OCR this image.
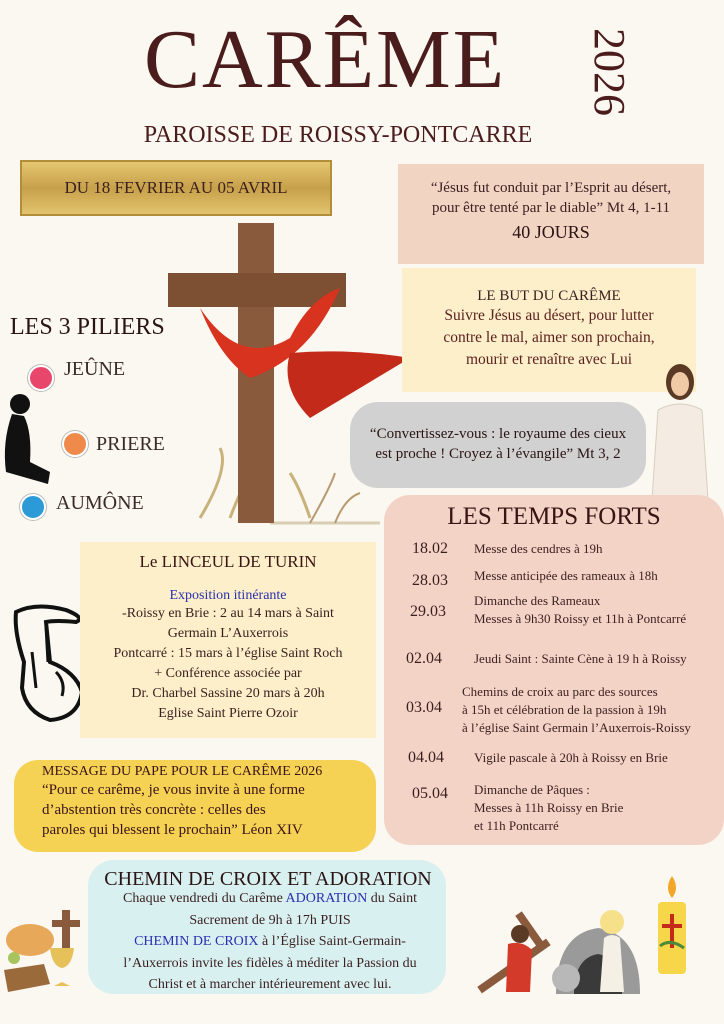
CARÊME	2026
PAROISSE DE ROISSY-PONTCARRE
DU 18 FEVRIER AU 05 AVRIL	“Jésus fut conduit par l’Esprit au désert,
pour être tenté par le diable” Mt 4, 1-11
40 JOURS
LE BUT DU CARÊME
Suivre Jésus au désert, pour lutter
contre le mal, aimer son prochain,
mourir et renaître avec Lui
LES 3 PILIERS
JEÛNE
PRIERE
AUMÔNE
“Convertissez-vous : le royaume des cieux
est proche ! Croyez à l’évangile” Mt 3, 2
LES TEMPS FORTS
18.02 Messe des cendres à 19h
28.03 Messe anticipée des rameaux à 18h
29.03
Dimanche des Rameaux
Messes à 9h30 Roissy et 11h à Pontcarré
02.04 Jeudi Saint : Sainte Cène à 19 h à Roissy
03.04
Chemins de croix au parc des sources
à 15h et célébration de la passion à 19h
à l’église Saint Germain l’Auxerrois-Roissy
04.04 Vigile pascale à 20h à Roissy en Brie
05.04 Dimanche de Pâques :
Messes à 11h Roissy en Brie
et 11h Pontcarré
Le LINCEUL DE TURIN
Exposition itinérante
-Roissy en Brie : 2 au 14 mars à Saint
Germain L’Auxerrois
Pontcarré : 15 mars à l’église Saint Roch
+ Conférence associée par
Dr. Charbel Sassine 20 mars à 20h
Eglise Saint Pierre Ozoir
MESSAGE DU PAPE POUR LE CARÊME 2026
“Pour ce carême, je vous invite à une forme
d’abstention très concrète : celles des
paroles qui blessent le prochain” Léon XIV
CHEMIN DE CROIX ET ADORATION
Chaque vendredi du Carême ADORATION du Saint
Sacrement de 9h à 17h PUIS
CHEMIN DE CROIX à l’Église Saint-Germain-
l’Auxerrois invite les fidèles à méditer la Passion du
Christ et à marcher intérieurement avec lui.
